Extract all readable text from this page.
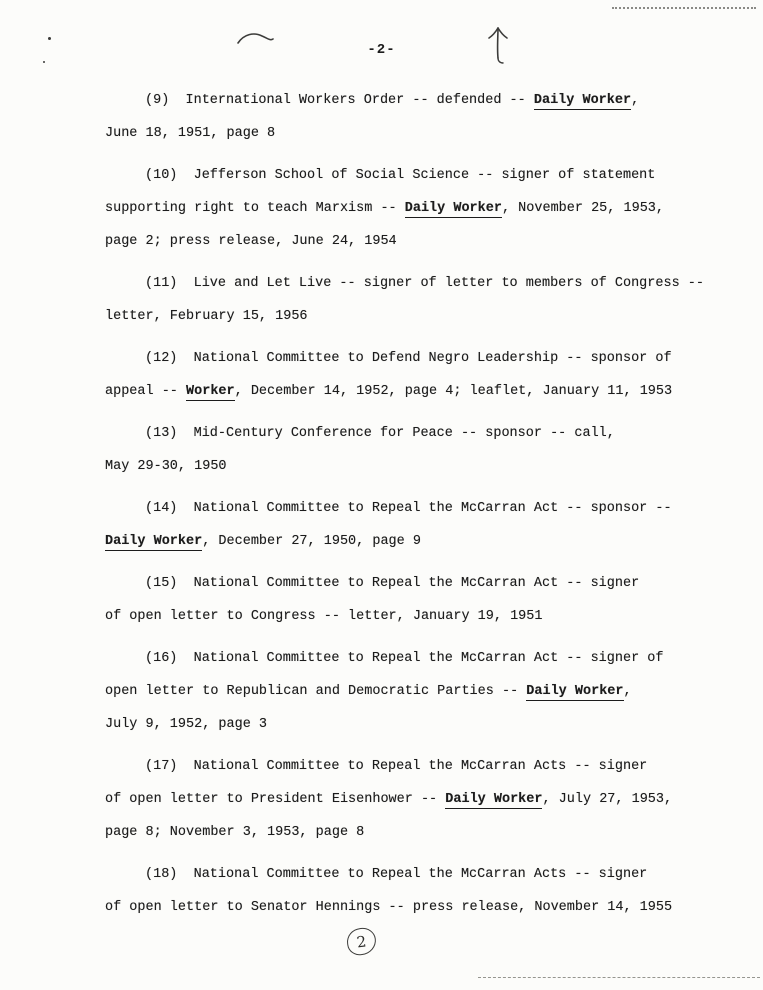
-2-
(9)  International Workers Order -- defended -- Daily Worker,
June 18, 1951, page 8
(10)  Jefferson School of Social Science -- signer of statement
supporting right to teach Marxism -- Daily Worker, November 25, 1953,
page 2; press release, June 24, 1954
(11)  Live and Let Live -- signer of letter to members of Congress --
letter, February 15, 1956
(12)  National Committee to Defend Negro Leadership -- sponsor of
appeal -- Worker, December 14, 1952, page 4; leaflet, January 11, 1953
(13)  Mid-Century Conference for Peace -- sponsor -- call,
May 29-30, 1950
(14)  National Committee to Repeal the McCarran Act -- sponsor --
Daily Worker, December 27, 1950, page 9
(15)  National Committee to Repeal the McCarran Act -- signer
of open letter to Congress -- letter, January 19, 1951
(16)  National Committee to Repeal the McCarran Act -- signer of
open letter to Republican and Democratic Parties -- Daily Worker,
July 9, 1952, page 3
(17)  National Committee to Repeal the McCarran Acts -- signer
of open letter to President Eisenhower -- Daily Worker, July 27, 1953,
page 8; November 3, 1953, page 8
(18)  National Committee to Repeal the McCarran Acts -- signer
of open letter to Senator Hennings -- press release, November 14, 1955
2
